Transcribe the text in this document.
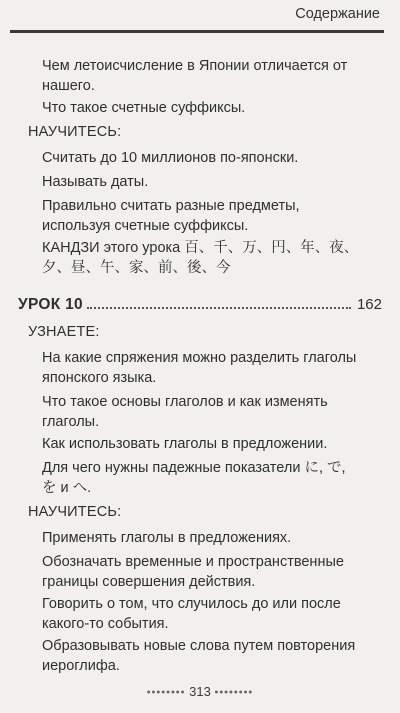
Содержание
Чем летоисчисление в Японии отличается от нашего.
Что такое счетные суффиксы.
НАУЧИТЕСЬ:
Считать до 10 миллионов по-японски.
Называть даты.
Правильно считать разные предметы, используя счетные суффиксы.
КАНДЗИ этого урока 百、千、万、円、年、夜、夕、昼、午、家、前、後、今
УРОК 10	162
УЗНАЕТЕ:
На какие спряжения можно разделить глаголы японского языка.
Что такое основы глаголов и как изменять глаголы.
Как использовать глаголы в предложении.
Для чего нужны падежные показатели に, で, を и へ.
НАУЧИТЕСЬ:
Применять глаголы в предложениях.
Обозначать временные и пространственные границы совершения действия.
Говорить о том, что случилось до или после какого-то события.
Образовывать новые слова путем повторения иероглифа.
•••••••• 313 ••••••••
